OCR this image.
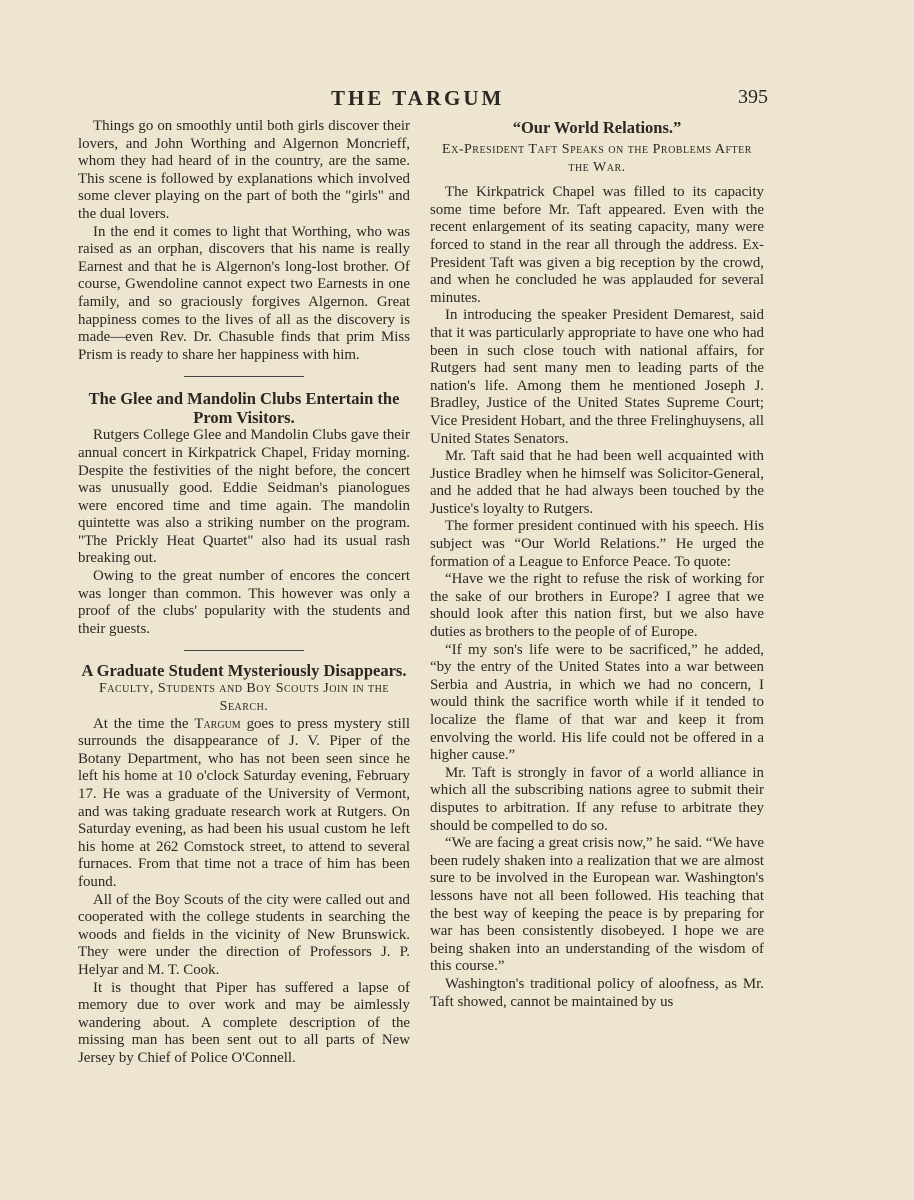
THE TARGUM	395

Things go on smoothly until both girls discover their lovers, and John Worthing and Algernon Moncrieff, whom they had heard of in the country, are the same. This scene is followed by explanations which involved some clever playing on the part of both the "girls" and the dual lovers.

In the end it comes to light that Worthing, who was raised as an orphan, discovers that his name is really Earnest and that he is Algernon's long-lost brother. Of course, Gwendoline cannot expect two Earnests in one family, and so graciously forgives Algernon. Great happiness comes to the lives of all as the discovery is made—even Rev. Dr. Chasuble finds that prim Miss Prism is ready to share her happiness with him.

The Glee and Mandolin Clubs Entertain the Prom Visitors.

Rutgers College Glee and Mandolin Clubs gave their annual concert in Kirkpatrick Chapel, Friday morning. Despite the festivities of the night before, the concert was unusually good. Eddie Seidman's pianologues were encored time and time again. The mandolin quintette was also a striking number on the program. "The Prickly Heat Quartet" also had its usual rash breaking out.

Owing to the great number of encores the concert was longer than common. This however was only a proof of the clubs' popularity with the students and their guests.

A Graduate Student Mysteriously Disappears.
Faculty, Students and Boy Scouts Join in the Search.

At the time the Targum goes to press mystery still surrounds the disappearance of J. V. Piper of the Botany Department, who has not been seen since he left his home at 10 o'clock Saturday evening, February 17. He was a graduate of the University of Vermont, and was taking graduate research work at Rutgers. On Saturday evening, as had been his usual custom he left his home at 262 Comstock street, to attend to several furnaces. From that time not a trace of him has been found.

All of the Boy Scouts of the city were called out and cooperated with the college students in searching the woods and fields in the vicinity of New Brunswick. They were under the direction of Professors J. P. Helyar and M. T. Cook.

It is thought that Piper has suffered a lapse of memory due to over work and may be aimlessly wandering about. A complete description of the missing man has been sent out to all parts of New Jersey by Chief of Police O'Connell.

“Our World Relations.”
Ex-President Taft Speaks on the Problems After the War.

The Kirkpatrick Chapel was filled to its capacity some time before Mr. Taft appeared. Even with the recent enlargement of its seating capacity, many were forced to stand in the rear all through the address. Ex-President Taft was given a big reception by the crowd, and when he concluded he was applauded for several minutes.

In introducing the speaker President Demarest, said that it was particularly appropriate to have one who had been in such close touch with national affairs, for Rutgers had sent many men to leading parts of the nation's life. Among them he mentioned Joseph J. Bradley, Justice of the United States Supreme Court; Vice President Hobart, and the three Frelinghuysens, all United States Senators.

Mr. Taft said that he had been well acquainted with Justice Bradley when he himself was Solicitor-General, and he added that he had always been touched by the Justice's loyalty to Rutgers.

The former president continued with his speech. His subject was “Our World Relations.” He urged the formation of a League to Enforce Peace. To quote:

“Have we the right to refuse the risk of working for the sake of our brothers in Europe? I agree that we should look after this nation first, but we also have duties as brothers to the people of of Europe.

“If my son's life were to be sacrificed,” he added, “by the entry of the United States into a war between Serbia and Austria, in which we had no concern, I would think the sacrifice worth while if it tended to localize the flame of that war and keep it from envolving the world. His life could not be offered in a higher cause.”

Mr. Taft is strongly in favor of a world alliance in which all the subscribing nations agree to submit their disputes to arbitration. If any refuse to arbitrate they should be compelled to do so.

“We are facing a great crisis now,” he said. “We have been rudely shaken into a realization that we are almost sure to be involved in the European war. Washington's lessons have not all been followed. His teaching that the best way of keeping the peace is by preparing for war has been consistently disobeyed. I hope we are being shaken into an understanding of the wisdom of this course.”

Washington's traditional policy of aloofness, as Mr. Taft showed, cannot be maintained by us
